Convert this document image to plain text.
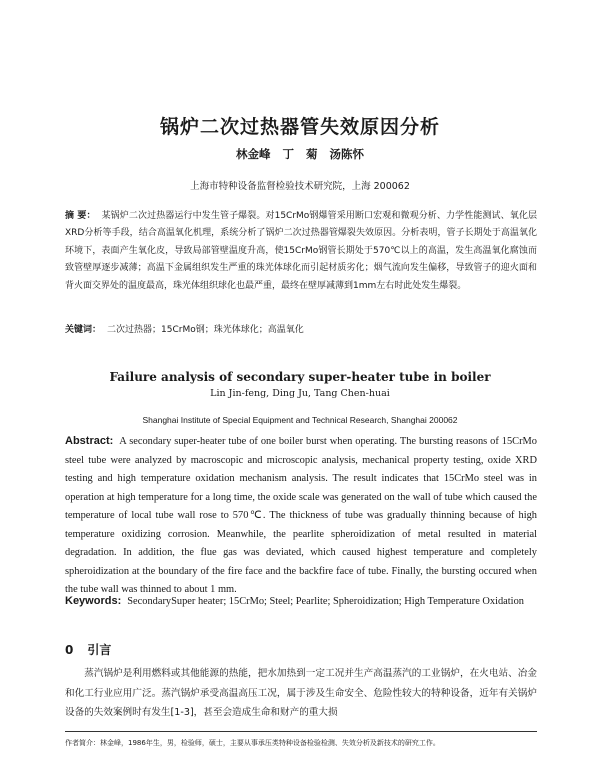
锅炉二次过热器管失效原因分析
林金峰 丁 菊 汤陈怀
上海市特种设备监督检验技术研究院，上海 200062
摘 要： 某锅炉二次过热器运行中发生管子爆裂。对15CrMo钢爆管采用断口宏观和微观分析、力学性能测试、氧化层XRD分析等手段，结合高温氧化机理，系统分析了锅炉二次过热器管爆裂失效原因。分析表明，管子长期处于高温氧化环境下，表面产生氧化皮，导致局部管壁温度升高，使15CrMo钢管长期处于570℃以上的高温，发生高温氧化腐蚀而致管壁厚逐步减薄；高温下金属组织发生严重的珠光体球化而引起材质劣化；烟气流向发生偏移，导致管子的迎火面和背火面交界处的温度最高，珠光体组织球化也最严重，最终在壁厚减薄到1mm左右时此处发生爆裂。
关键词： 二次过热器；15CrMo钢；珠光体球化；高温氧化
Failure analysis of secondary super-heater tube in boiler
Lin Jin-feng, Ding Ju, Tang Chen-huai
Shanghai Institute of Special Equipment and Technical Research, Shanghai 200062
Abstract: A secondary super-heater tube of one boiler burst when operating. The bursting reasons of 15CrMo steel tube were analyzed by macroscopic and microscopic analysis, mechanical property testing, oxide XRD testing and high temperature oxidation mechanism analysis. The result indicates that 15CrMo steel was in operation at high temperature for a long time, the oxide scale was generated on the wall of tube which caused the temperature of local tube wall rose to 570℃. The thickness of tube was gradually thinning because of high temperature oxidizing corrosion. Meanwhile, the pearlite spheroidization of metal resulted in material degradation. In addition, the flue gas was deviated, which caused highest temperature and completely spheroidization at the boundary of the fire face and the backfire face of tube. Finally, the bursting occured when the tube wall was thinned to about 1 mm.
Keywords: SecondarySuper heater; 15CrMo; Steel; Pearlite; Spheroidization; High Temperature Oxidation
0 引言

蒸汽锅炉是利用燃料或其他能源的热能，把水加热到一定工况并生产高温蒸汽的工业锅炉，在火电站、冶金和化工行业应用广泛。蒸汽锅炉承受高温高压工况，属于涉及生命安全、危险性较大的特种设备，近年有关锅炉设备的失效案例时有发生[1-3]，甚至会造成生命和财产的重大损

作者简介：林金峰，1986年生，男，检验师，硕士，主要从事承压类特种设备检验检测、失效分析及新技术的研究工作。
